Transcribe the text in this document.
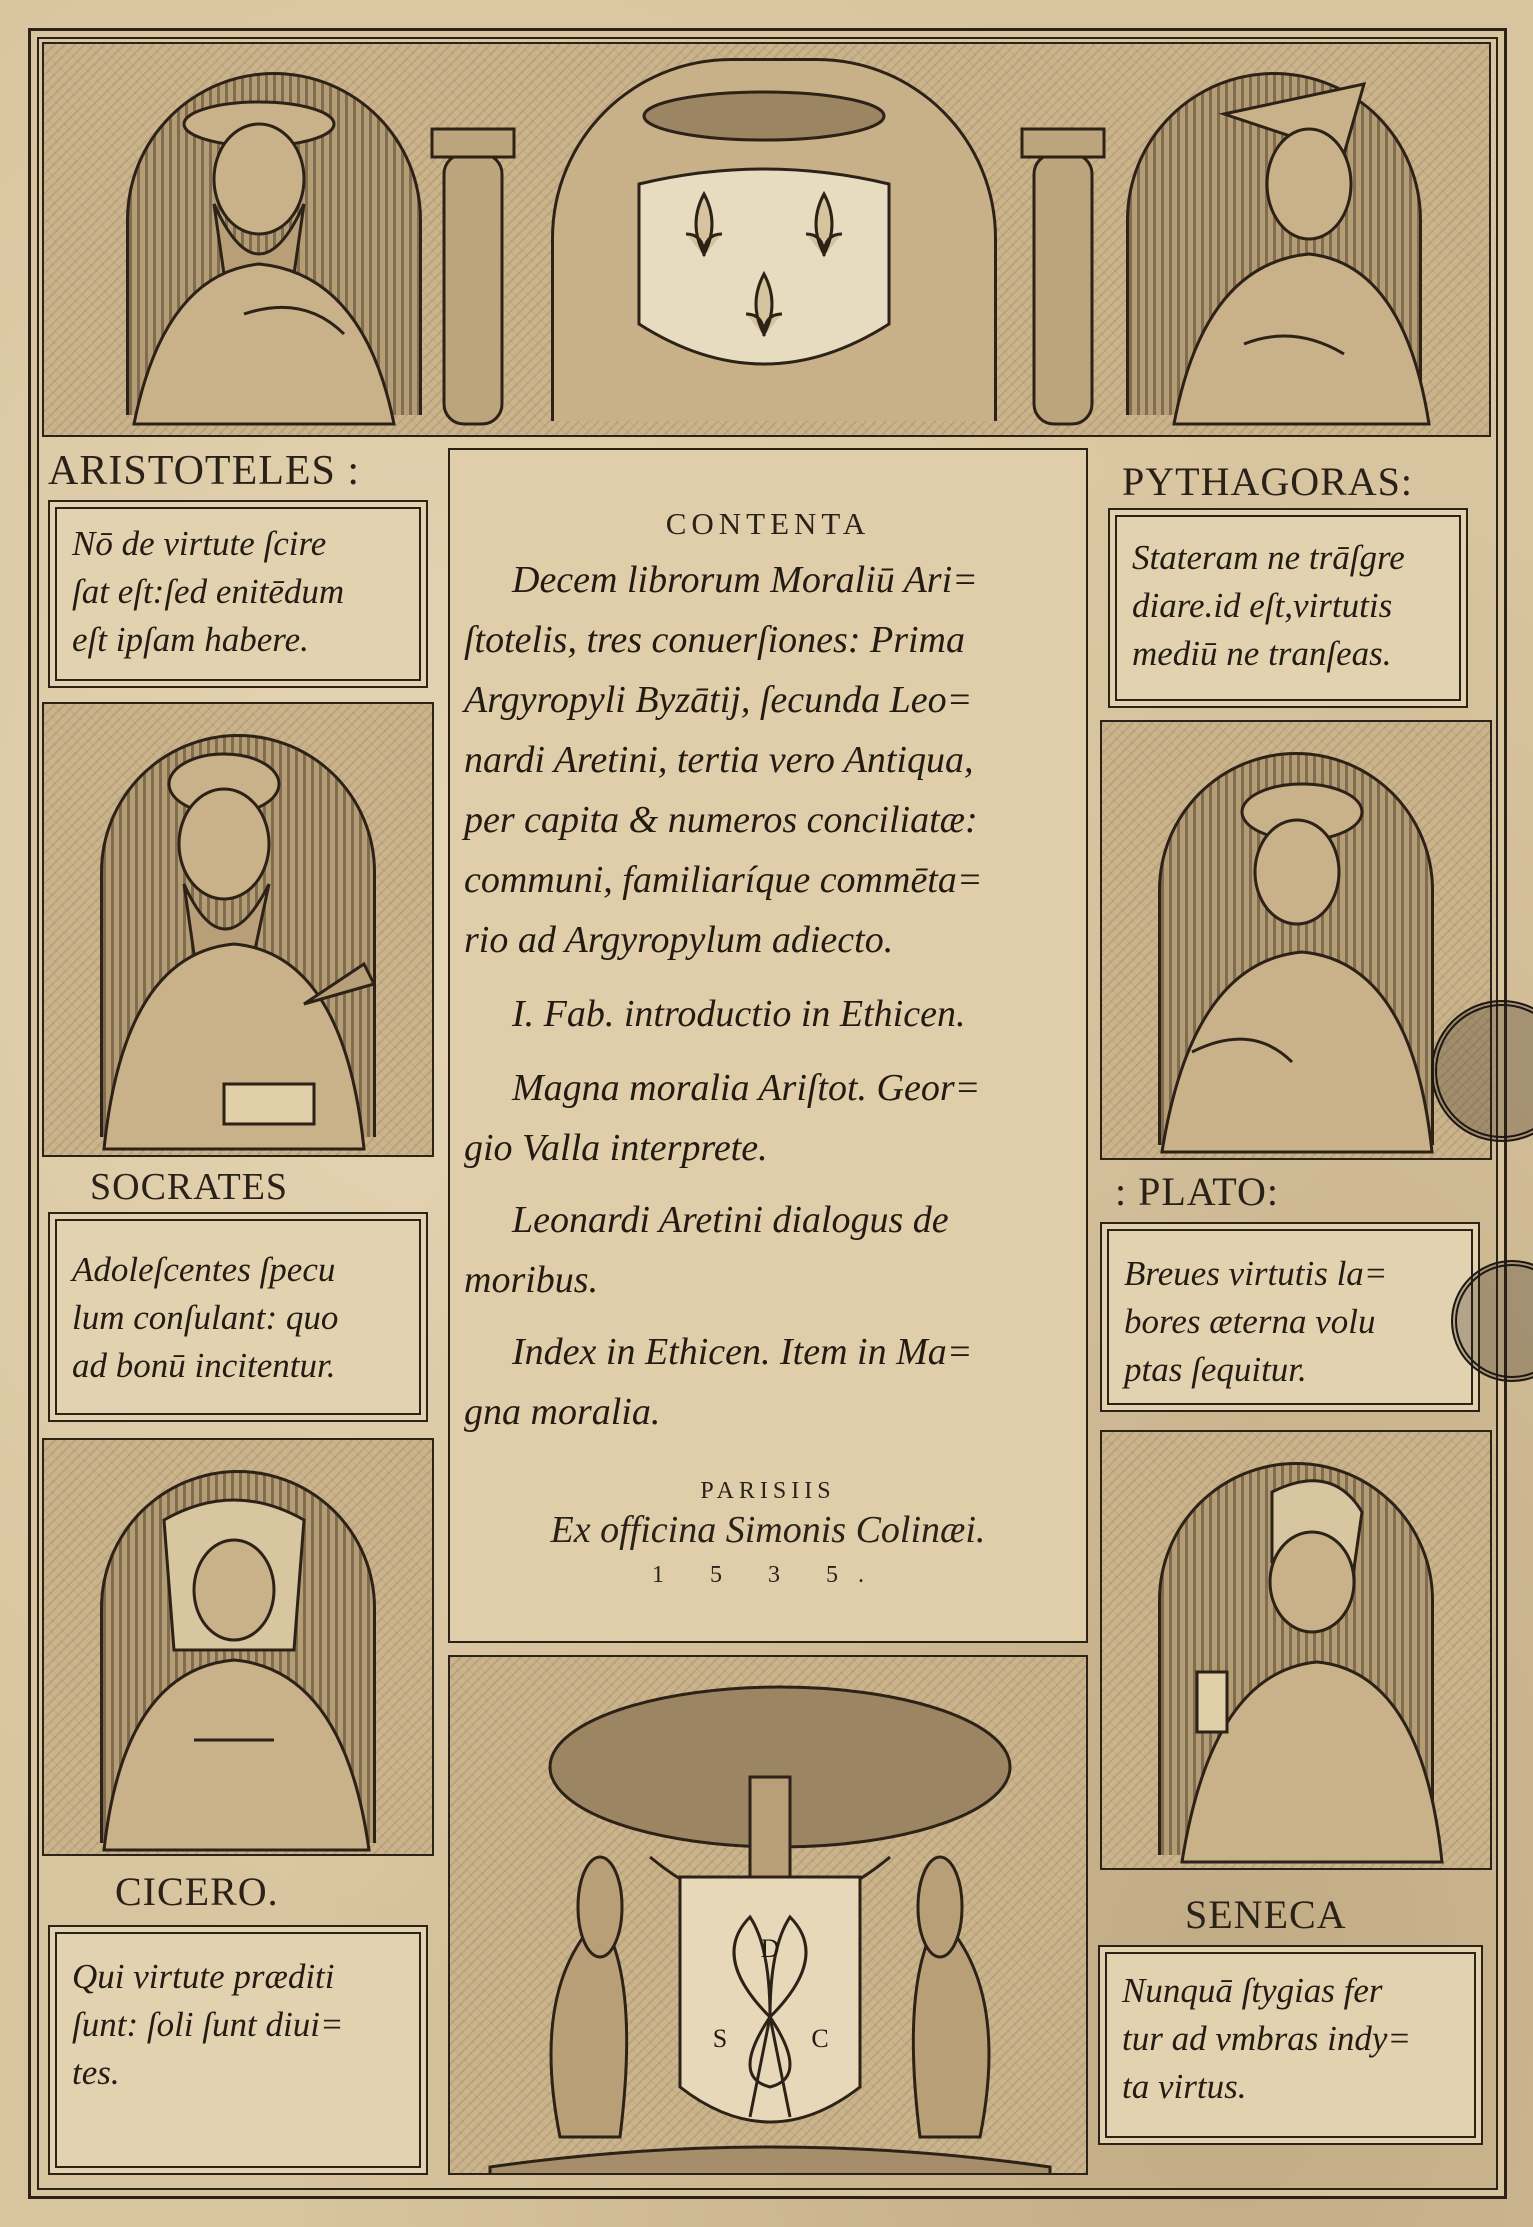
ARISTOTELES :
Nō de virtute ſcire
ſat eſt:ſed enitēdum
eſt ipſam habere.
SOCRATES
Adoleſcentes ſpecu
lum conſulant: quo
ad bonū incitentur.
CICERO.
Qui virtute præditi
ſunt: ſoli ſunt diui=
tes.
PYTHAGORAS:
Stateram ne trāſgre
diare.id eſt,virtutis
mediū ne tranſeas.
: PLATO:
Breues virtutis la=
bores æterna volu
ptas ſequitur.
SENECA
Nunquā ſtygias fer
tur ad vmbras indy=
ta virtus.
CONTENTA

Decem librorum Moraliū Ari=
ſtotelis, tres conuerſiones: Prima
Argyropyli Byzātij, ſecunda Leo=
nardi Aretini, tertia vero Antiqua,
per capita & numeros conciliatæ:
communi, familiaríque commēta=
rio ad Argyropylum adiecto.

I. Fab. introductio in Ethicen.

Magna moralia Ariſtot. Geor=
gio Valla interprete.

Leonardi Aretini dialogus de
moribus.

Index in Ethicen. Item in Ma=
gna moralia.

PARISIIS
Ex officina Simonis Colinæi.
1 5 3 5.
D
S	C
